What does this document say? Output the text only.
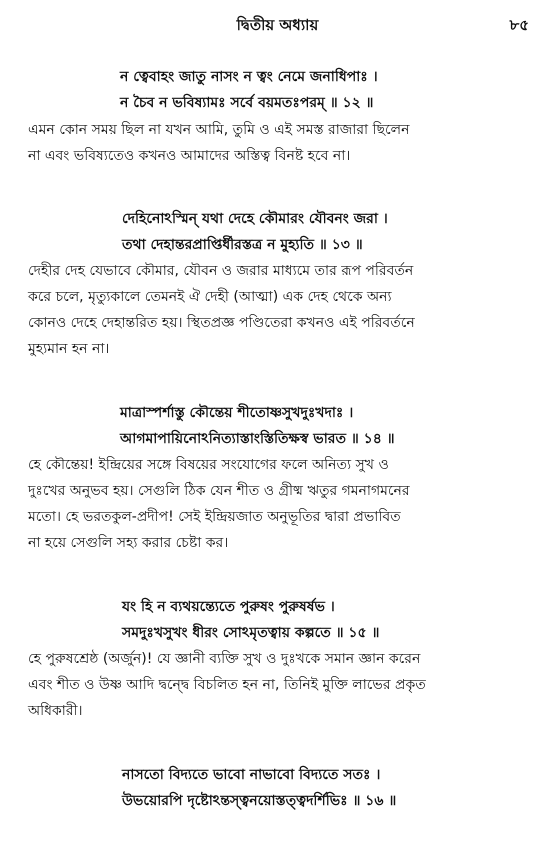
দ্বিতীয় অধ্যায়	৮৫
ন ত্বেবাহং জাতু নাসং ন ত্বং নেমে জনাধিপাঃ ।
ন চৈব ন ভবিষ্যামঃ সর্বে বয়মতঃপরম্‌ ॥ ১২ ॥
এমন কোন সময় ছিল না যখন আমি, তুমি ও এই সমস্ত রাজারা ছিলেন
না এবং ভবিষ্যতেও কখনও আমাদের অস্তিত্ব বিনষ্ট হবে না।
দেহিনোঽস্মিন্‌ যথা দেহে কৌমারং যৌবনং জরা ।
তথা দেহান্তরপ্রাপ্তির্ধীরস্তত্র ন মুহ্যতি ॥ ১৩ ॥
দেহীর দেহ যেভাবে কৌমার, যৌবন ও জরার মাধ্যমে তার রূপ পরিবর্তন
করে চলে, মৃত্যুকালে তেমনই ঐ দেহী (আত্মা) এক দেহ থেকে অন্য
কোনও দেহে দেহান্তরিত হয়। স্থিতপ্রজ্ঞ পণ্ডিতেরা কখনও এই পরিবর্তনে
মুহ্যমান হন না।
মাত্রাস্পর্শাস্তু কৌন্তেয় শীতোষ্ণসুখদুঃখদাঃ ।
আগমাপায়িনোঽনিত্যাস্তাংস্তিতিক্ষস্ব ভারত ॥ ১৪ ॥
হে কৌন্তেয়! ইন্দ্রিয়ের সঙ্গে বিষয়ের সংযোগের ফলে অনিত্য সুখ ও
দুঃখের অনুভব হয়। সেগুলি ঠিক যেন শীত ও গ্রীষ্ম ঋতুর গমনাগমনের
মতো। হে ভরতকুল-প্রদীপ! সেই ইন্দ্রিয়জাত অনুভূতির দ্বারা প্রভাবিত
না হয়ে সেগুলি সহ্য করার চেষ্টা কর।
যং হি ন ব্যথয়ন্ত্যেতে পুরুষং পুরুষর্ষভ ।
সমদুঃখসুখং ধীরং সোঽমৃতত্বায় কল্পতে ॥ ১৫ ॥
হে পুরুষশ্রেষ্ঠ (অর্জুন)! যে জ্ঞানী ব্যক্তি সুখ ও দুঃখকে সমান জ্ঞান করেন
এবং শীত ও উষ্ণ আদি দ্বন্দ্বে বিচলিত হন না, তিনিই মুক্তি লাভের প্রকৃত
অধিকারী।
নাসতো বিদ্যতে ভাবো নাভাবো বিদ্যতে সতঃ ।
উভয়োরপি দৃষ্টোঽন্তস্ত্বনয়োস্তত্ত্বদর্শিভিঃ ॥ ১৬ ॥
